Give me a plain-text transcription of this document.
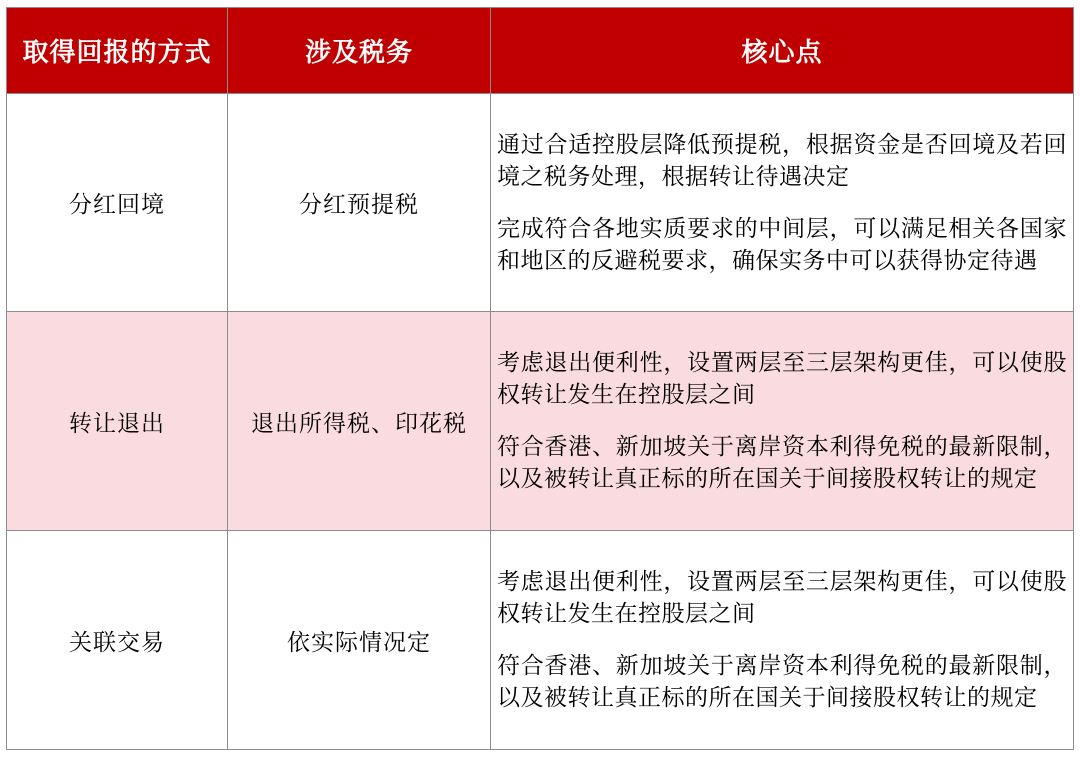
取得回报的方式	涉及税务	核心点
分红回境	分红预提税	通过合适控股层降低预提税，根据资金是否回境及若回境之税务处理，根据转让待遇决定

完成符合各地实质要求的中间层，可以满足相关各国家和地区的反避税要求，确保实务中可以获得协定待遇

转让退出	退出所得税、印花税	考虑退出便利性，设置两层至三层架构更佳，可以使股权转让发生在控股层之间

符合香港、新加坡关于离岸资本利得免税的最新限制，以及被转让真正标的所在国关于间接股权转让的规定

关联交易	依实际情况定	考虑退出便利性，设置两层至三层架构更佳，可以使股权转让发生在控股层之间

符合香港、新加坡关于离岸资本利得免税的最新限制，以及被转让真正标的所在国关于间接股权转让的规定
